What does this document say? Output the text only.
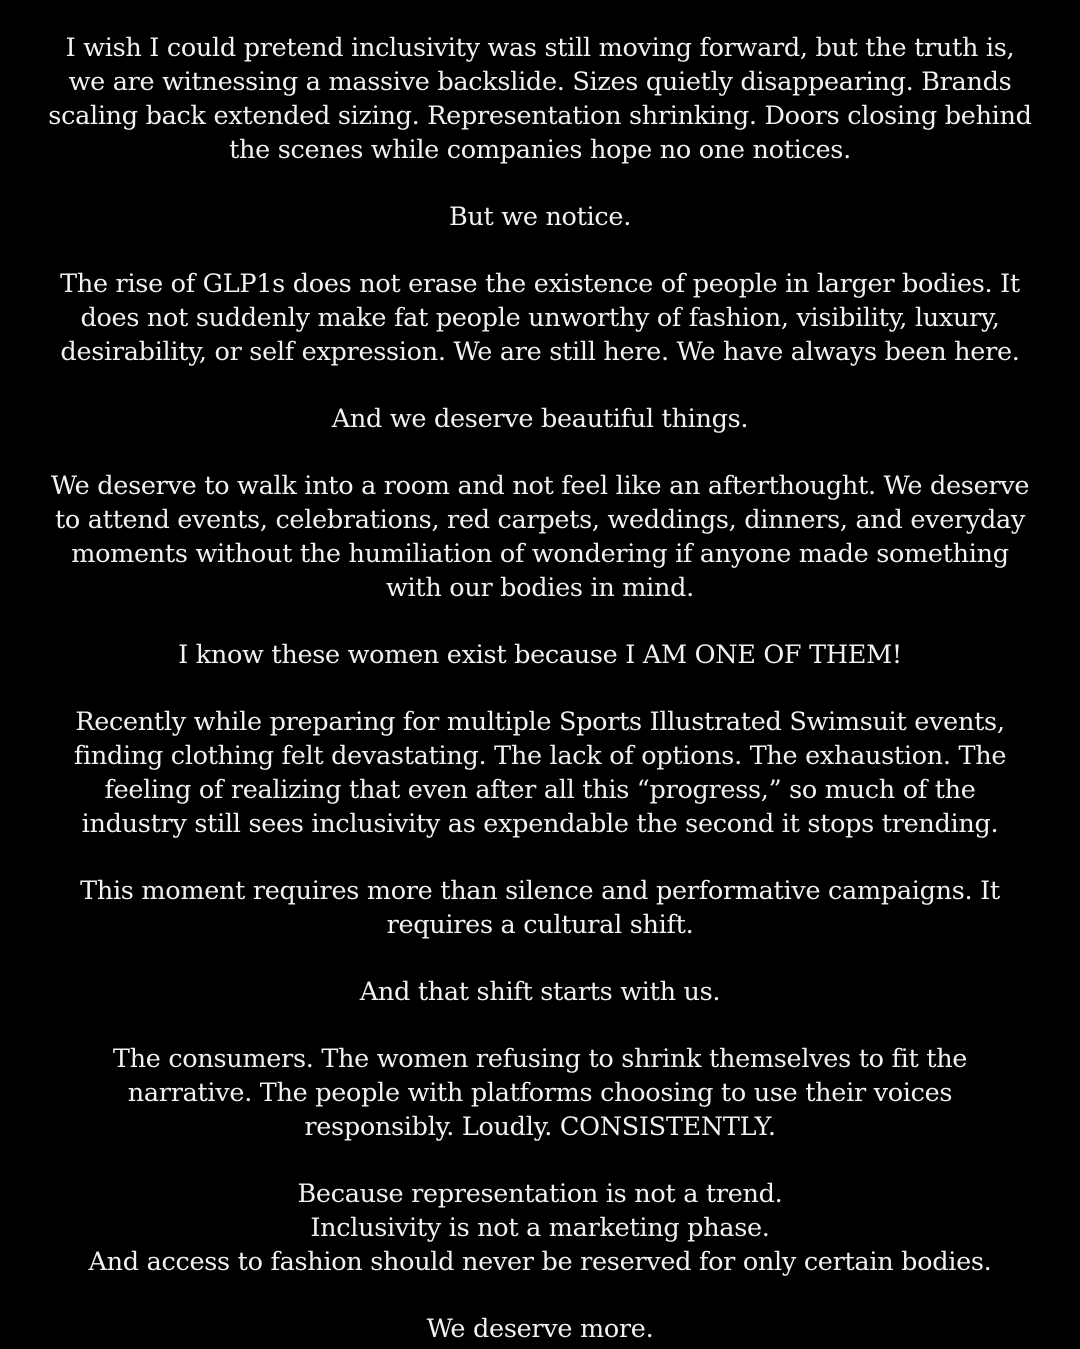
I wish I could pretend inclusivity was still moving forward, but the truth is,
we are witnessing a massive backslide. Sizes quietly disappearing. Brands
scaling back extended sizing. Representation shrinking. Doors closing behind
the scenes while companies hope no one notices.

But we notice.

The rise of GLP1s does not erase the existence of people in larger bodies. It
does not suddenly make fat people unworthy of fashion, visibility, luxury,
desirability, or self expression. We are still here. We have always been here.

And we deserve beautiful things.

We deserve to walk into a room and not feel like an afterthought. We deserve
to attend events, celebrations, red carpets, weddings, dinners, and everyday
moments without the humiliation of wondering if anyone made something
with our bodies in mind.

I know these women exist because I AM ONE OF THEM!

Recently while preparing for multiple Sports Illustrated Swimsuit events,
finding clothing felt devastating. The lack of options. The exhaustion. The
feeling of realizing that even after all this “progress,” so much of the
industry still sees inclusivity as expendable the second it stops trending.

This moment requires more than silence and performative campaigns. It
requires a cultural shift.

And that shift starts with us.

The consumers. The women refusing to shrink themselves to fit the
narrative. The people with platforms choosing to use their voices
responsibly. Loudly. CONSISTENTLY.

Because representation is not a trend.
Inclusivity is not a marketing phase.
And access to fashion should never be reserved for only certain bodies.

We deserve more.
